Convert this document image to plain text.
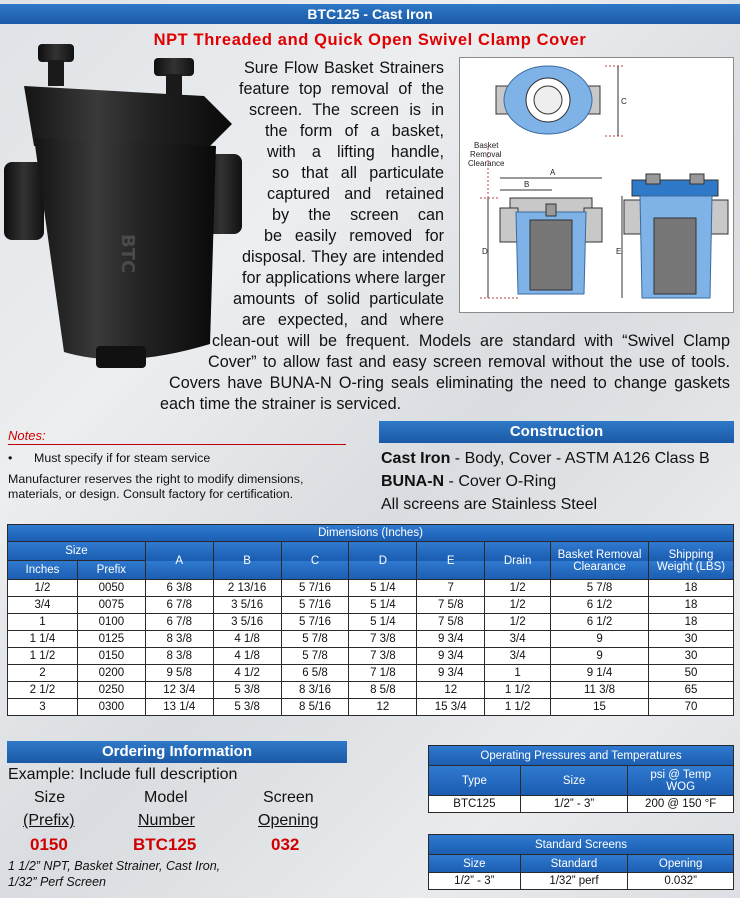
BTC125 - Cast Iron
NPT Threaded and Quick Open Swivel Clamp Cover
BTC
C
Basket
Removal
Clearance
A
B
D	E
Sure Flow Basket Strainers
feature top removal of the
screen. The screen is in
the form of a basket,
with a lifting handle,
so that all particulate
captured and retained
by the screen can
be easily removed for
disposal. They are intended
for applications where larger
amounts of solid particulate
are expected, and where
clean-out will be frequent. Models are standard with “Swivel Clamp
Cover” to allow fast and easy screen removal without the use of tools.
Covers have BUNA-N O-ring seals eliminating the need to change gaskets
each time the strainer is serviced.
Notes:
• Must specify if for steam service
Manufacturer reserves the right to modify dimensions,
materials, or design. Consult factory for certification.
Construction
Cast Iron - Body, Cover - ASTM A126 Class B
BUNA-N - Cover O-Ring
All screens are Stainless Steel
Dimensions (Inches)									
Size		A	B	C	D	E	Drain	Basket Removal Clearance	Shipping Weight (LBS)
Inches	Prefix								
1/2	0050	6 3/8	2 13/16	5 7/16	5 1/4	7	1/2	5 7/8	18
3/4	0075	6 7/8	3 5/16	5 7/16	5 1/4	7 5/8	1/2	6 1/2	18
1	0100	6 7/8	3 5/16	5 7/16	5 1/4	7 5/8	1/2	6 1/2	18
1 1/4	0125	8 3/8	4 1/8	5 7/8	7 3/8	9 3/4	3/4	9	30
1 1/2	0150	8 3/8	4 1/8	5 7/8	7 3/8	9 3/4	3/4	9	30
2	0200	9 5/8	4 1/2	6 5/8	7 1/8	9 3/4	1	9 1/4	50
2 1/2	0250	12 3/4	5 3/8	8 3/16	8 5/8	12	1 1/2	11 3/8	65
3	0300	13 1/4	5 3/8	8 5/16	12	15 3/4	1 1/2	15	70
Ordering Information
Example: Include full description
Size	Model	Screen
(Prefix)	Number	Opening
0150	BTC125	032
1 1/2” NPT, Basket Strainer, Cast Iron,
1/32” Perf Screen
Operating Pressures and Temperatures		
Type	Size	psi @ Temp
WOG

BTC125	1/2” - 3”	200 @ 150 °F
Standard Screens		
Size	Standard	Opening
1/2” - 3”	1/32” perf	0.032”
